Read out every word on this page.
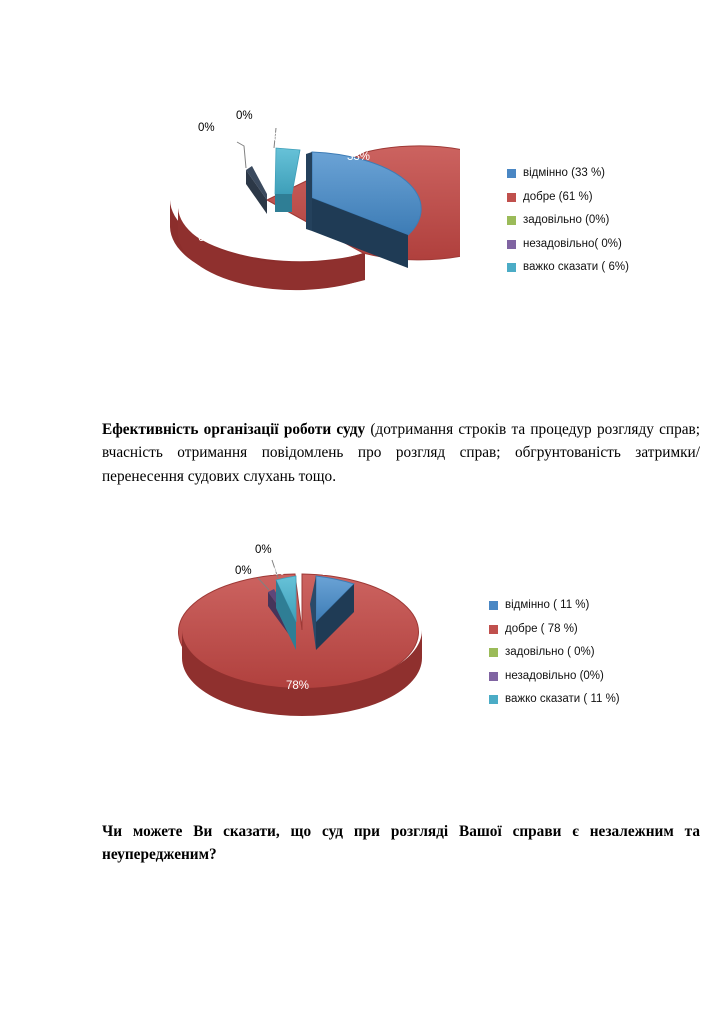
0%
0%
6%
33%
61%
відмінно (33 %)
добре (61 %)
задовільно (0%)
незадовільно( 0%)
важко сказати ( 6%)
Ефективність організації роботи суду (дотримання строків та процедур розгляду справ; вчасність отримання повідомлень про розгляд справ; обгрунтованість затримки/перенесення судових слухань тощо.
0%
0% 11%	11%
78%
відмінно ( 11 %)
добре ( 78 %)
задовільно ( 0%)
незадовільно (0%)
важко сказати ( 11 %)
Чи можете Ви сказати, що суд при розгляді Вашої справи є незалежним та неупередженим?
